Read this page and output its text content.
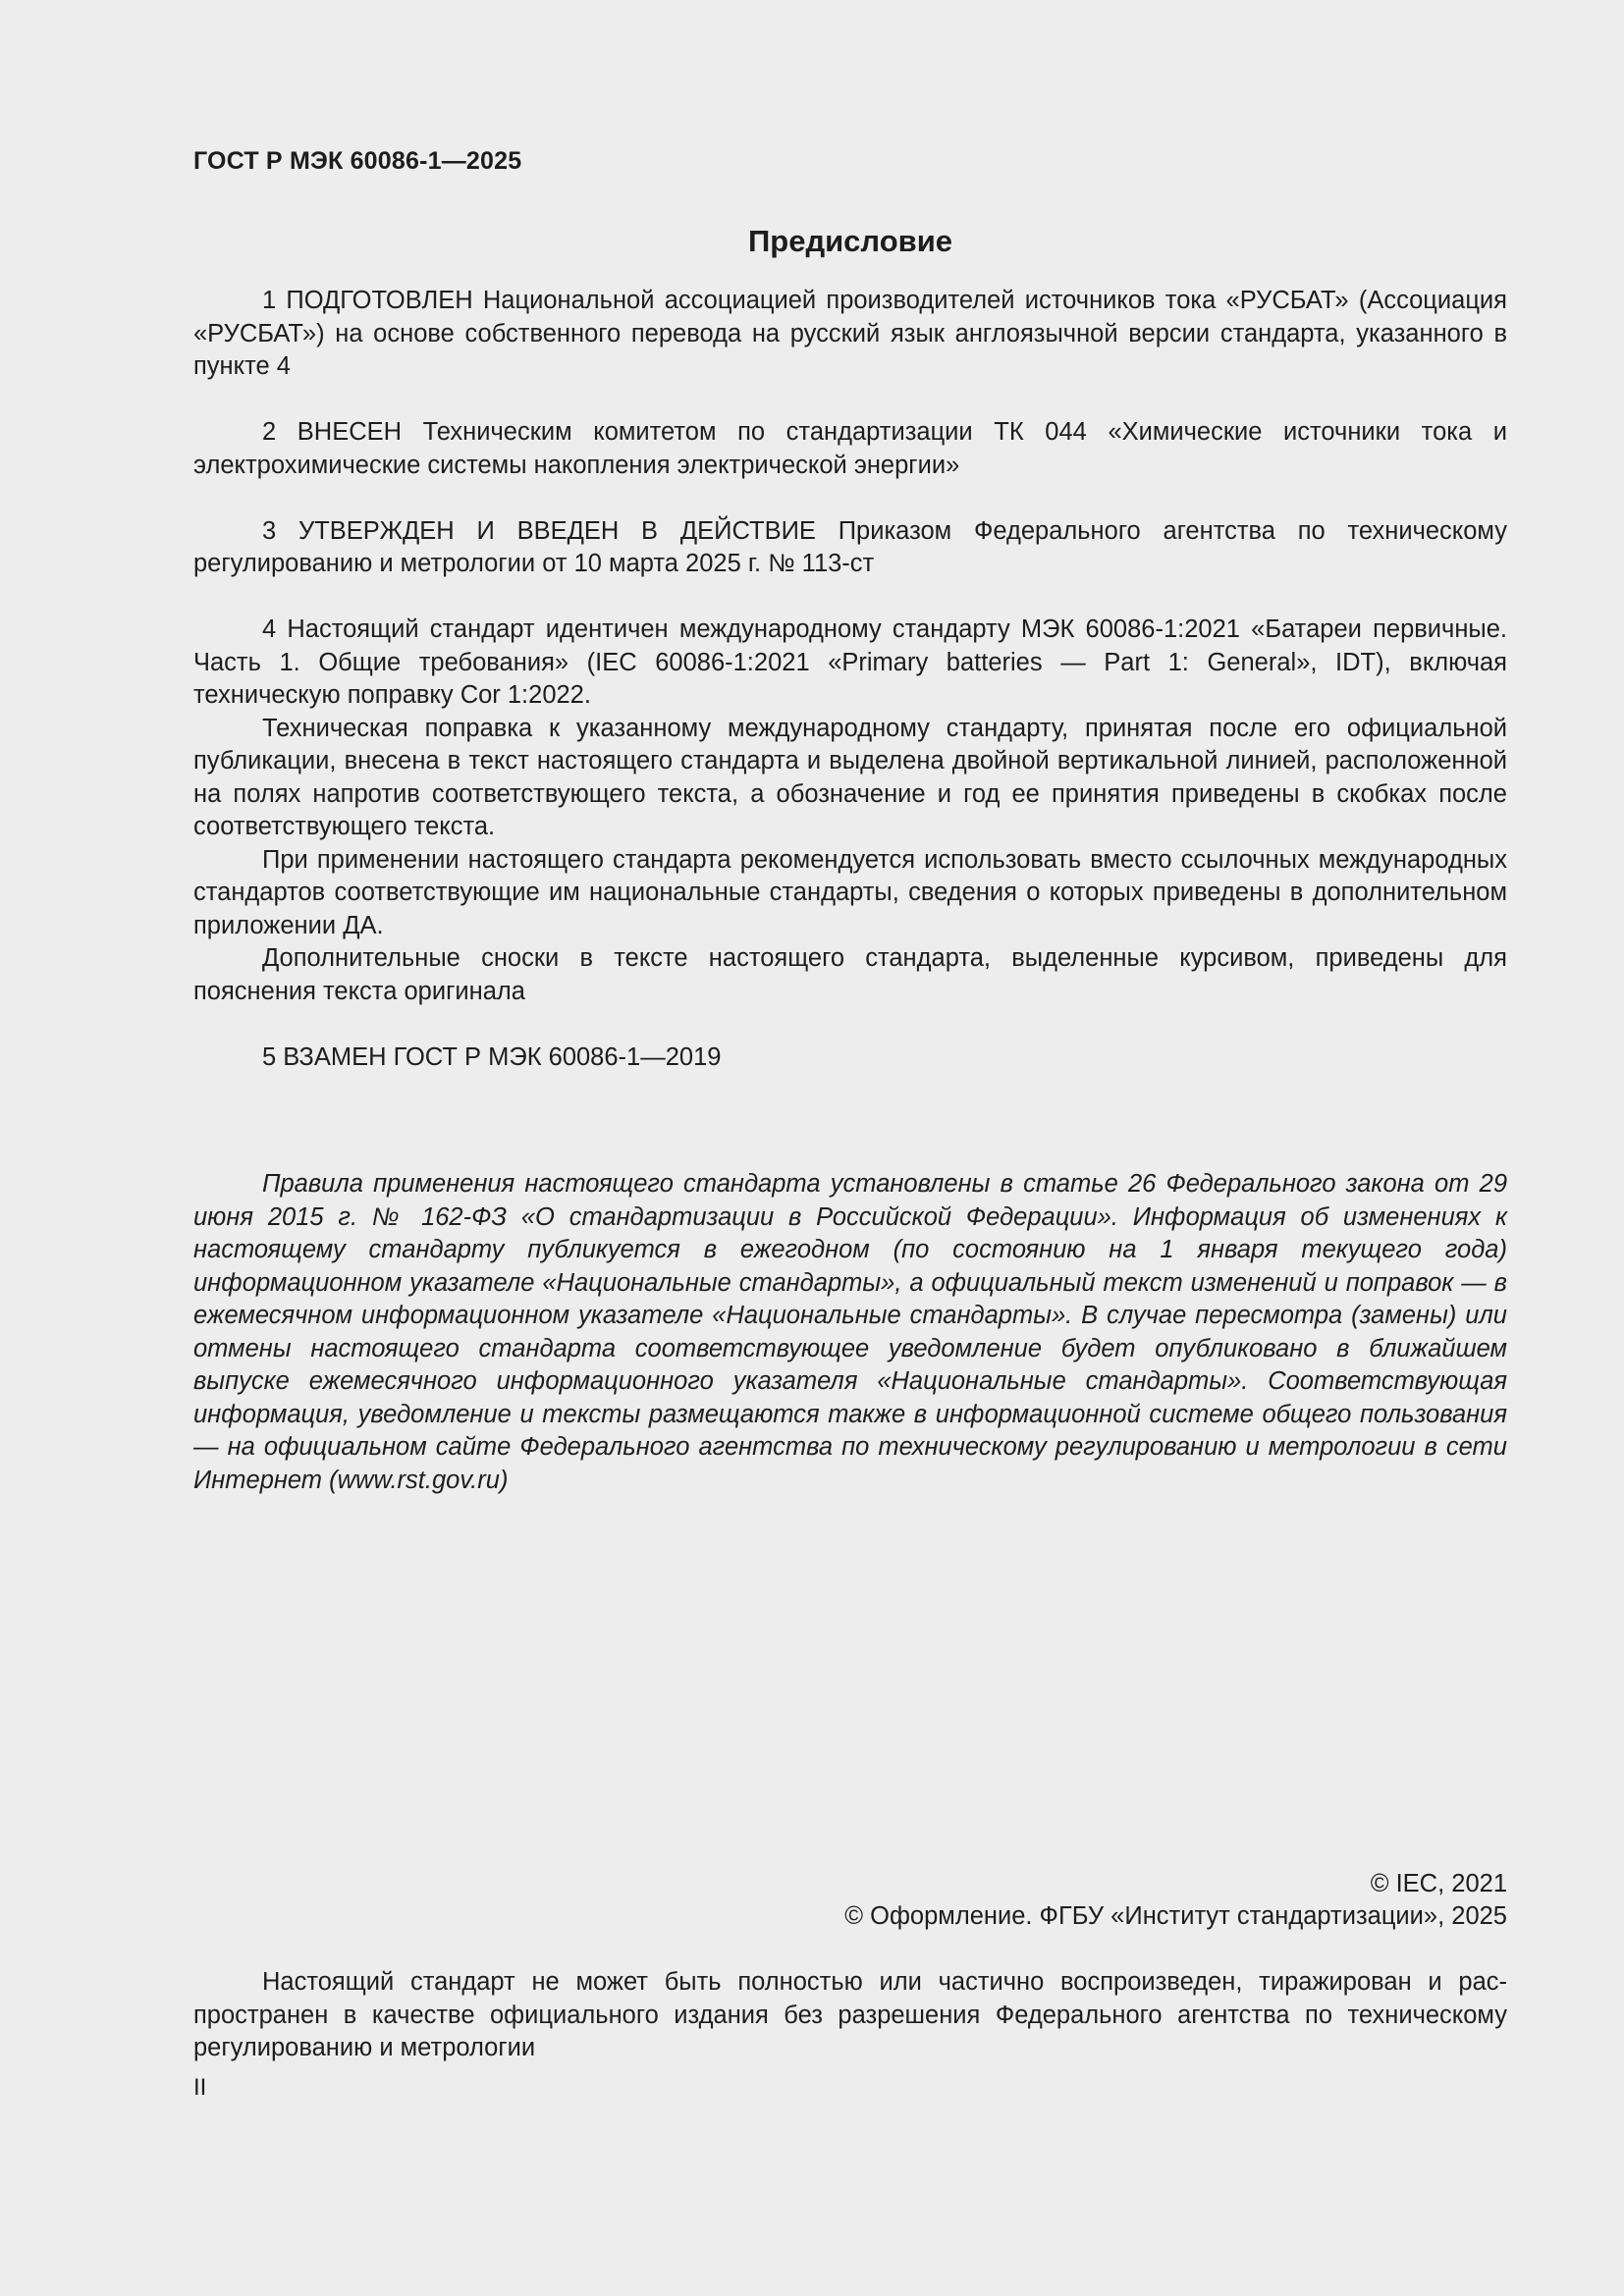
ГОСТ Р МЭК 60086-1—2025
Предисловие

1 ПОДГОТОВЛЕН Национальной ассоциацией производителей источников тока «РУСБАТ» (Ассоциация «РУСБАТ») на основе собственного перевода на русский язык англоязычной версии стандарта, указанного в пункте 4

2 ВНЕСЕН Техническим комитетом по стандартизации ТК 044 «Химические источники тока и электрохимические системы накопления электрической энергии»

3 УТВЕРЖДЕН И ВВЕДЕН В ДЕЙСТВИЕ Приказом Федерального агентства по техническому регулированию и метрологии от 10 марта 2025 г. № 113-ст

4 Настоящий стандарт идентичен международному стандарту МЭК 60086-1:2021 «Батареи первичные. Часть 1. Общие требования» (IEC 60086-1:2021 «Primary batteries — Part 1: General», IDT), включая техническую поправку Cor 1:2022.

Техническая поправка к указанному международному стандарту, принятая после его официальной публикации, внесена в текст настоящего стандарта и выделена двойной вертикальной линией, расположенной на полях напротив соответствующего текста, а обозначение и год ее принятия приведены в скобках после соответствующего текста.

При применении настоящего стандарта рекомендуется использовать вместо ссылочных международных стандартов соответствующие им национальные стандарты, сведения о которых приведены в дополнительном приложении ДА.

Дополнительные сноски в тексте настоящего стандарта, выделенные курсивом, приведены для пояснения текста оригинала

5 ВЗАМЕН ГОСТ Р МЭК 60086-1—2019

Правила применения настоящего стандарта установлены в статье 26 Федерального закона от 29 июня 2015 г. № 162-ФЗ «О стандартизации в Российской Федерации». Информация об изменениях к настоящему стандарту публикуется в ежегодном (по состоянию на 1 января текущего года) информационном указателе «Национальные стандарты», а официальный текст изменений и поправок — в ежемесячном информационном указателе «Национальные стандарты». В случае пересмотра (замены) или отмены настоящего стандарта соответствующее уведомление будет опубликовано в ближайшем выпуске ежемесячного информационного указателя «Национальные стандарты». Соответствующая информация, уведомление и тексты размещаются также в информационной системе общего пользования — на официальном сайте Федерального агентства по техническому регулированию и метрологии в сети Интернет (www.rst.gov.ru)

© IEC, 2021
© Оформление. ФГБУ «Институт стандартизации», 2025

Настоящий стандарт не может быть полностью или частично воспроизведен, тиражирован и распространен в качестве официального издания без разрешения Федерального агентства по техническому регулированию и метрологии

II
